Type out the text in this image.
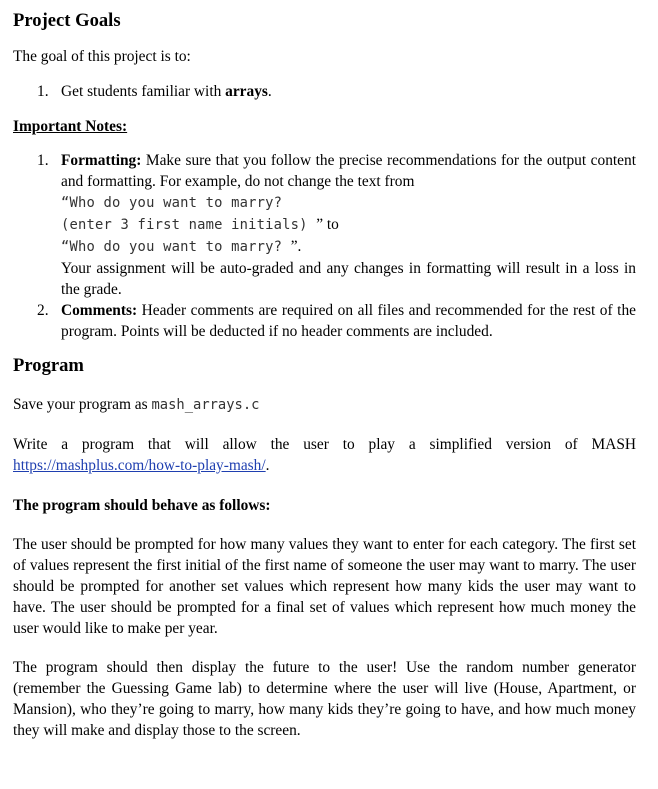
Project Goals
The goal of this project is to:
1. Get students familiar with arrays.
Important Notes:
1. Formatting: Make sure that you follow the precise recommendations for the output content and formatting. For example, do not change the text from
“Who do you want to marry?
(enter 3 first name initials) ” to
“Who do you want to marry? ”.
Your assignment will be auto-graded and any changes in formatting will result in a loss in the grade.
2. Comments: Header comments are required on all files and recommended for the rest of the program. Points will be deducted if no header comments are included.
Program
Save your program as mash_arrays.c
Write a program that will allow the user to play a simplified version of MASH https://mashplus.com/how-to-play-mash/.
The program should behave as follows:
The user should be prompted for how many values they want to enter for each category. The first set of values represent the first initial of the first name of someone the user may want to marry. The user should be prompted for another set values which represent how many kids the user may want to have. The user should be prompted for a final set of values which represent how much money the user would like to make per year.
The program should then display the future to the user! Use the random number generator (remember the Guessing Game lab) to determine where the user will live (House, Apartment, or Mansion), who they’re going to marry, how many kids they’re going to have, and how much money they will make and display those to the screen.
